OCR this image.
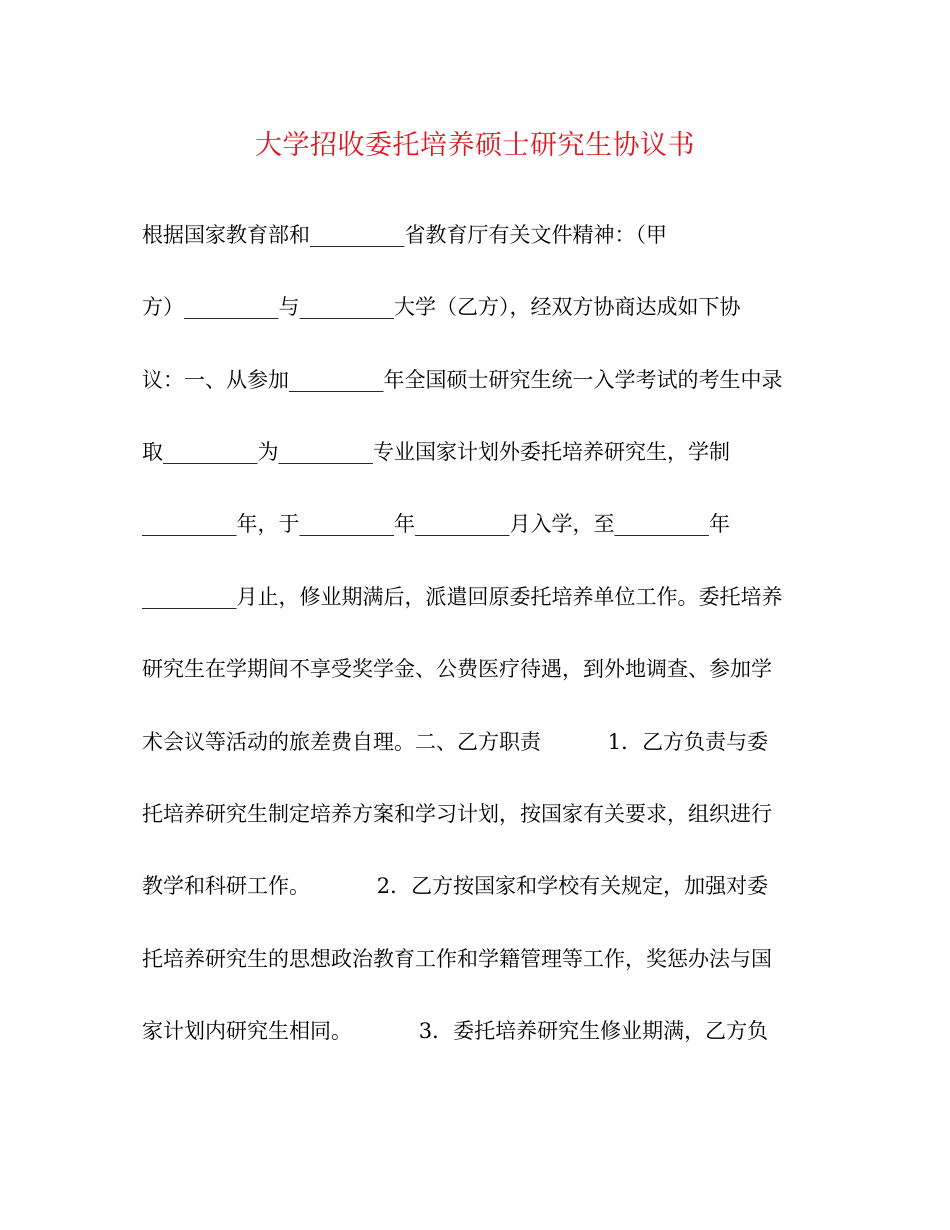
大学招收委托培养硕士研究生协议书
根据国家教育部和_________省教育厅有关文件精神：（甲
方）_________与_________大学（乙方），经双方协商达成如下协
议：一、从参加_________年全国硕士研究生统一入学考试的考生中录
取_________为_________专业国家计划外委托培养研究生，学制
_________年，于_________年_________月入学，至_________年
_________月止，修业期满后，派遣回原委托培养单位工作。委托培养
研究生在学期间不享受奖学金、公费医疗待遇，到外地调查、参加学
术会议等活动的旅差费自理。二、乙方职责          1．乙方负责与委
托培养研究生制定培养方案和学习计划，按国家有关要求，组织进行
教学和科研工作。          2．乙方按国家和学校有关规定，加强对委
托培养研究生的思想政治教育工作和学籍管理等工作，奖惩办法与国
家计划内研究生相同。          3．委托培养研究生修业期满，乙方负
